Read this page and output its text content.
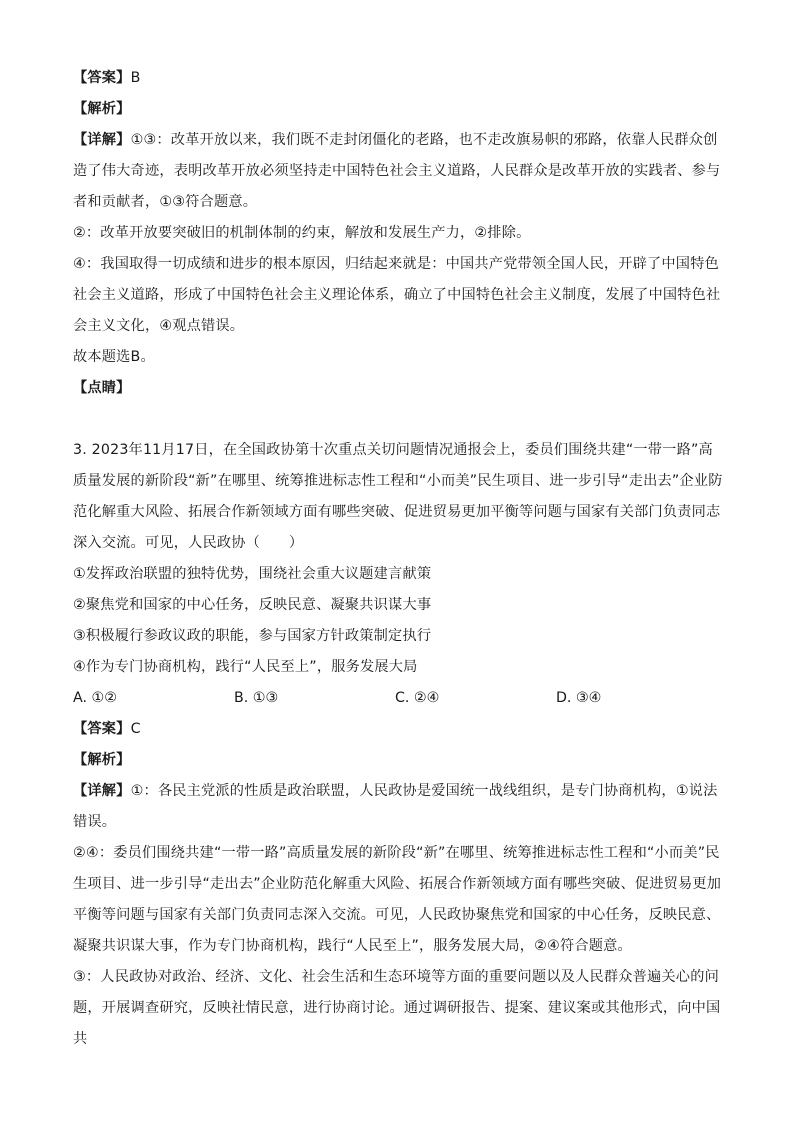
【答案】B
【解析】

【详解】①③：改革开放以来，我们既不走封闭僵化的老路，也不走改旗易帜的邪路，依靠人民群众创造了伟大奇迹，表明改革开放必须坚持走中国特色社会主义道路，人民群众是改革开放的实践者、参与者和贡献者，①③符合题意。

②：改革开放要突破旧的机制体制的约束，解放和发展生产力，②排除。

④：我国取得一切成绩和进步的根本原因，归结起来就是：中国共产党带领全国人民，开辟了中国特色社会主义道路，形成了中国特色社会主义理论体系，确立了中国特色社会主义制度，发展了中国特色社会主义文化，④观点错误。

故本题选B。
【点睛】

3. 2023年11月17日，在全国政协第十次重点关切问题情况通报会上，委员们围绕共建“一带一路”高质量发展的新阶段“新”在哪里、统筹推进标志性工程和“小而美”民生项目、进一步引导“走出去”企业防范化解重大风险、拓展合作新领域方面有哪些突破、促进贸易更加平衡等问题与国家有关部门负责同志深入交流。可见，人民政协（　　）

①发挥政治联盟的独特优势，围绕社会重大议题建言献策
②聚焦党和国家的中心任务，反映民意、凝聚共识谋大事
③积极履行参政议政的职能，参与国家方针政策制定执行
④作为专门协商机构，践行“人民至上”，服务发展大局
A. ①②	B. ①③	C. ②④	D. ③④
【答案】C
【解析】

【详解】①：各民主党派的性质是政治联盟，人民政协是爱国统一战线组织，是专门协商机构，①说法错误。

②④：委员们围绕共建“一带一路”高质量发展的新阶段“新”在哪里、统筹推进标志性工程和“小而美”民生项目、进一步引导“走出去”企业防范化解重大风险、拓展合作新领域方面有哪些突破、促进贸易更加平衡等问题与国家有关部门负责同志深入交流。可见，人民政协聚焦党和国家的中心任务，反映民意、凝聚共识谋大事，作为专门协商机构，践行“人民至上”，服务发展大局，②④符合题意。

③：人民政协对政治、经济、文化、社会生活和生态环境等方面的重要问题以及人民群众普遍关心的问题，开展调查研究，反映社情民意，进行协商讨论。通过调研报告、提案、建议案或其他形式，向中国共
